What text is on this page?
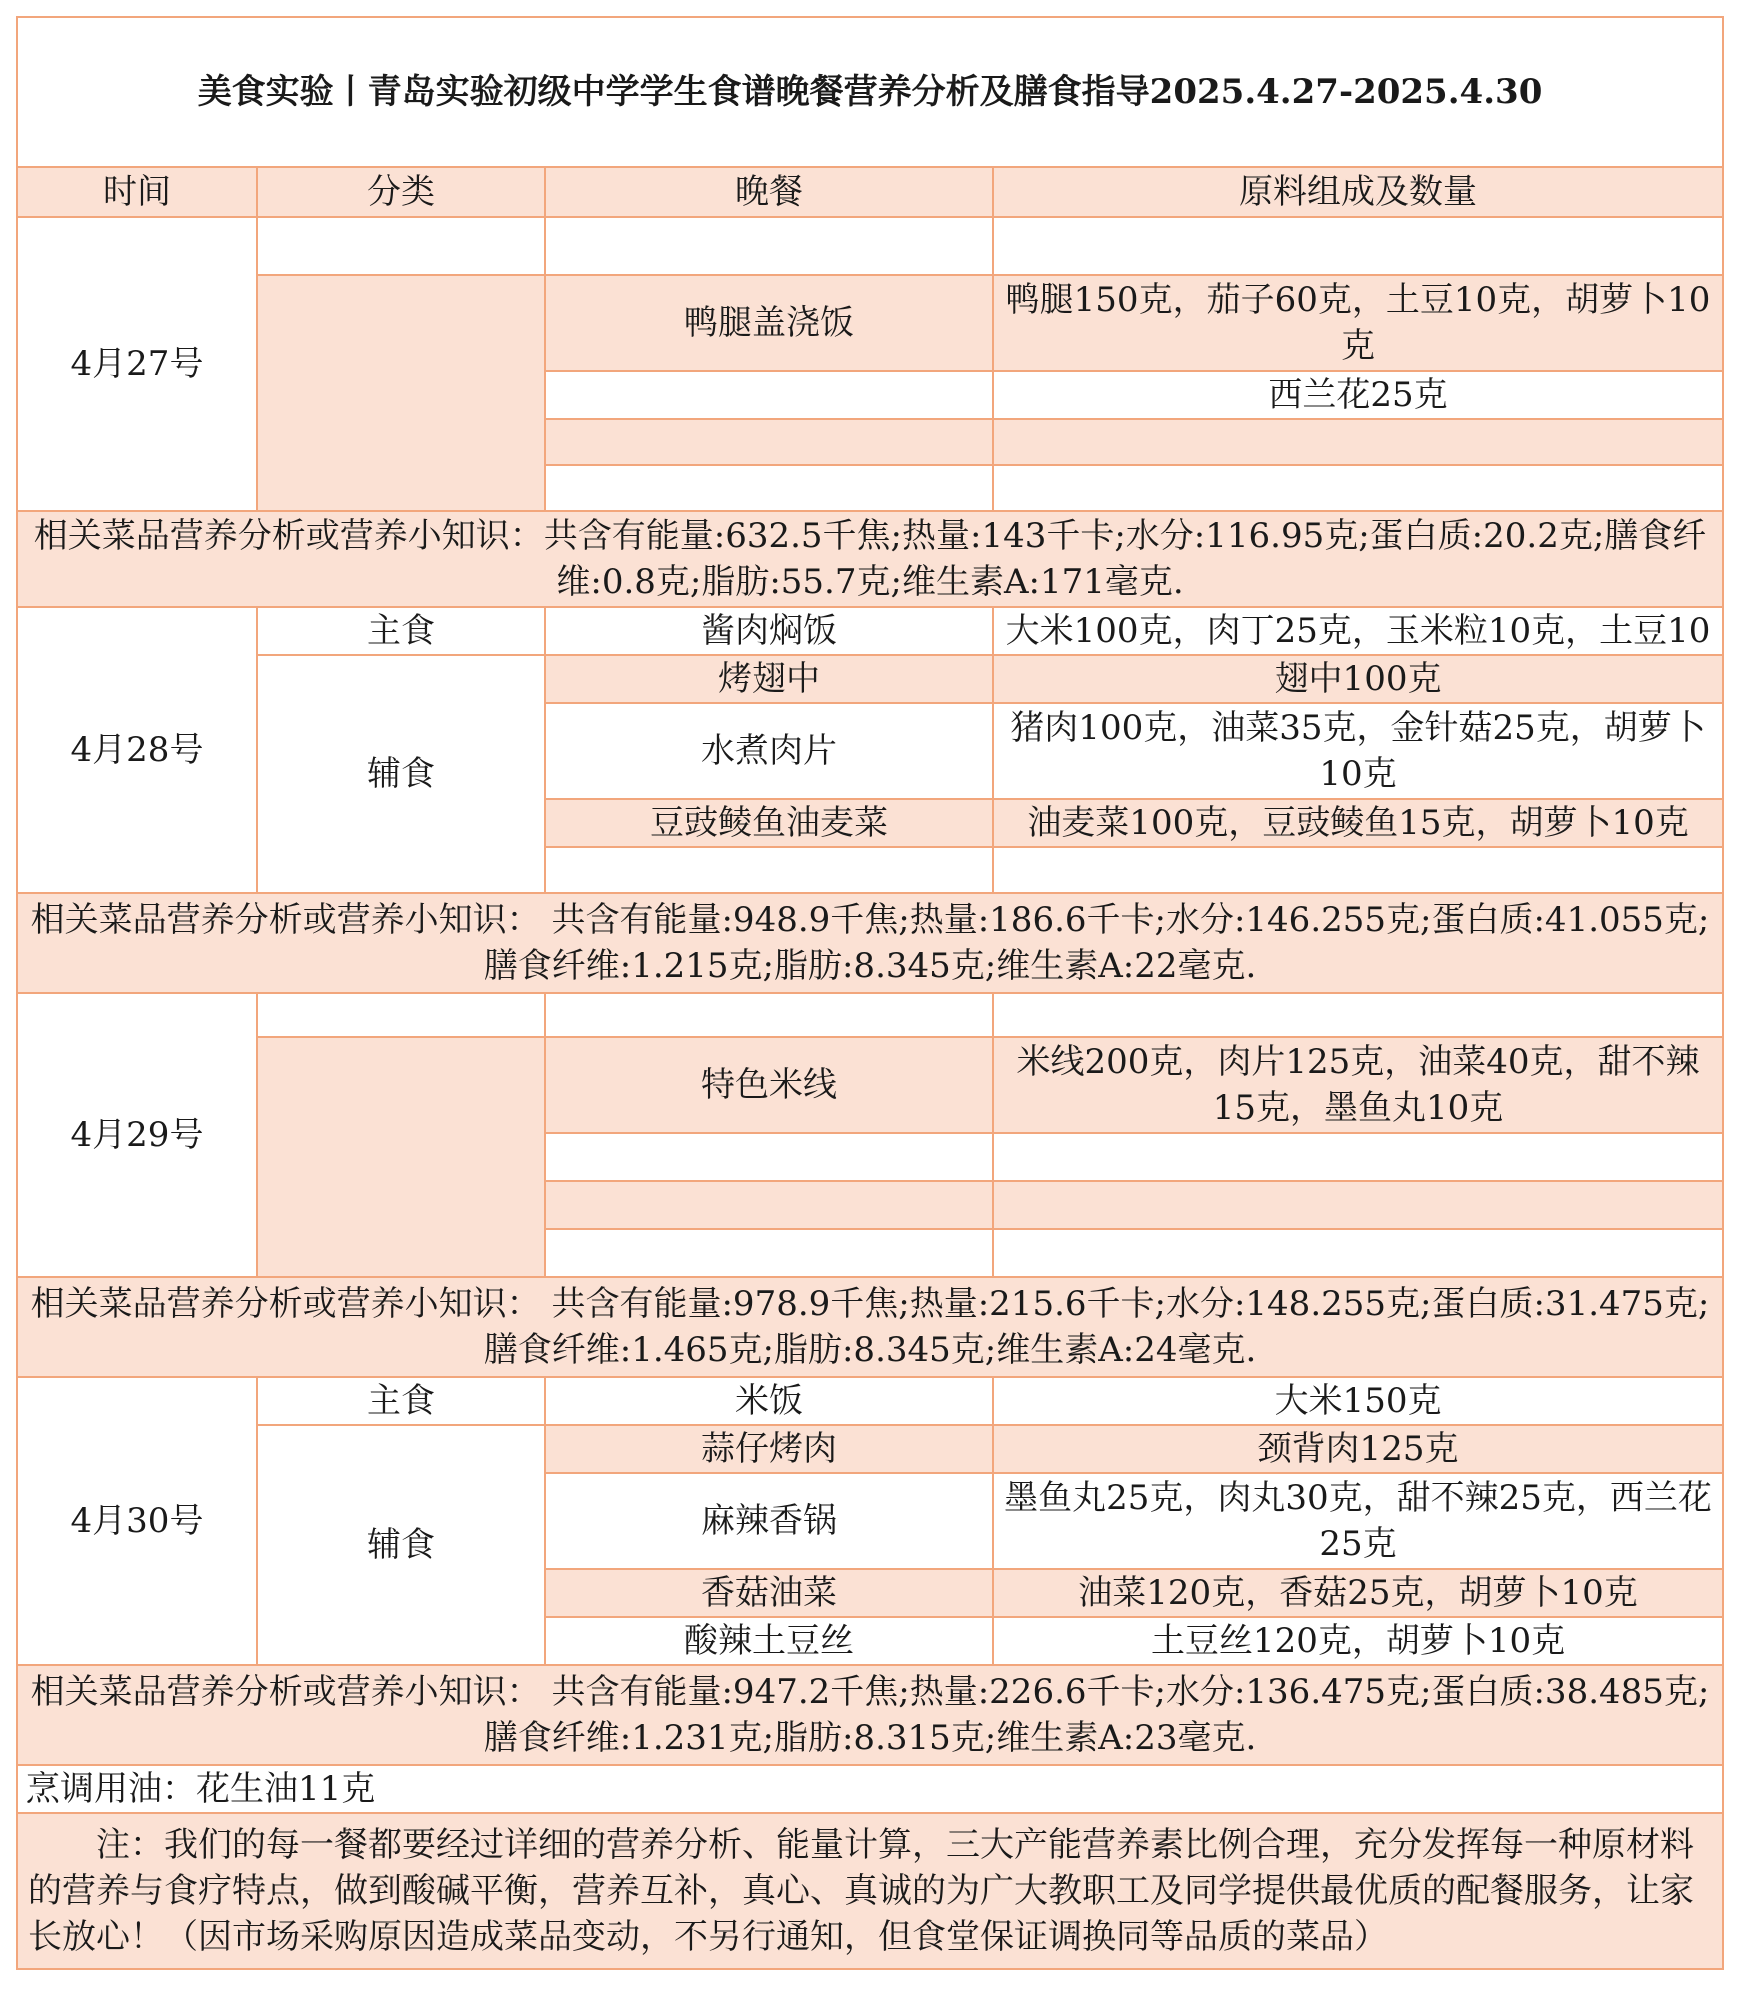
美食实验丨青岛实验初级中学学生食谱晚餐营养分析及膳食指导2025.4.27-2025.4.30			
时间	分类	晚餐	原料组成及数量
4月27号			
		鸭腿盖浇饭	鸭腿150克，茄子60克，土豆10克，胡萝卜10克
			西兰花25克

相关菜品营养分析或营养小知识：共含有能量:632.5千焦;热量:143千卡;水分:116.95克;蛋白质:20.2克;膳食纤维:0.8克;脂肪:55.7克;维生素A:171毫克.			
4月28号	主食	酱肉焖饭	大米100克，肉丁25克，玉米粒10克，土豆10
	辅食	烤翅中	翅中100克
		水煮肉片	猪肉100克，油菜35克，金针菇25克，胡萝卜10克
		豆豉鲮鱼油麦菜	油麦菜100克，豆豉鲮鱼15克，胡萝卜10克

相关菜品营养分析或营养小知识： 共含有能量:948.9千焦;热量:186.6千卡;水分:146.255克;蛋白质:41.055克;膳食纤维:1.215克;脂肪:8.345克;维生素A:22毫克.			
4月29号			
		特色米线	米线200克，肉片125克，油菜40克，甜不辣15克，墨鱼丸10克

相关菜品营养分析或营养小知识： 共含有能量:978.9千焦;热量:215.6千卡;水分:148.255克;蛋白质:31.475克;膳食纤维:1.465克;脂肪:8.345克;维生素A:24毫克.			
4月30号	主食	米饭	大米150克
	辅食	蒜仔烤肉	颈背肉125克
		麻辣香锅	墨鱼丸25克，肉丸30克，甜不辣25克，西兰花25克
		香菇油菜	油菜120克，香菇25克，胡萝卜10克
		酸辣土豆丝	土豆丝120克，胡萝卜10克
相关菜品营养分析或营养小知识： 共含有能量:947.2千焦;热量:226.6千卡;水分:136.475克;蛋白质:38.485克;膳食纤维:1.231克;脂肪:8.315克;维生素A:23毫克.			
烹调用油：花生油11克			
注：我们的每一餐都要经过详细的营养分析、能量计算，三大产能营养素比例合理，充分发挥每一种原材料的营养与食疗特点，做到酸碱平衡，营养互补，真心、真诚的为广大教职工及同学提供最优质的配餐服务，让家长放心！（因市场采购原因造成菜品变动，不另行通知，但食堂保证调换同等品质的菜品）			
